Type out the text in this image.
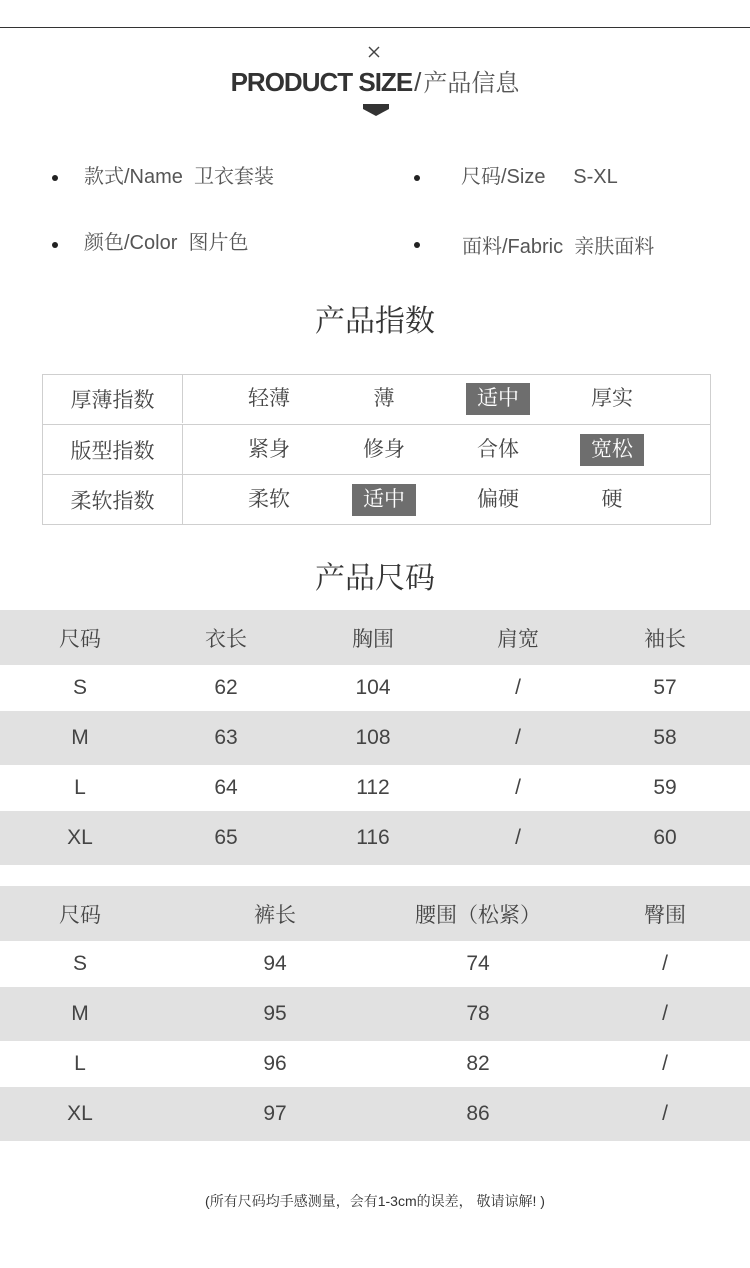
PRODUCT SIZE/产品信息
款式/Name  卫衣套装	尺码/Size     S-XL
颜色/Color  图片色	面料/Fabric  亲肤面料
产品指数
厚薄指数	轻薄	薄	适中	厚实
版型指数	紧身	修身	合体	宽松
柔软指数	柔软	适中	偏硬	硬
产品尺码
尺码	衣长	胸围	肩宽	袖长
S	62	104	/	57
M	63	108	/	58
L	64	112	/	59
XL	65	116	/	60
尺码	裤长	腰围（松紧）	臀围
S	94	74	/
M	95	78	/
L	96	82	/
XL	97	86	/
(所有尺码均手感测量，会有1-3cm的误差， 敬请谅解! )
